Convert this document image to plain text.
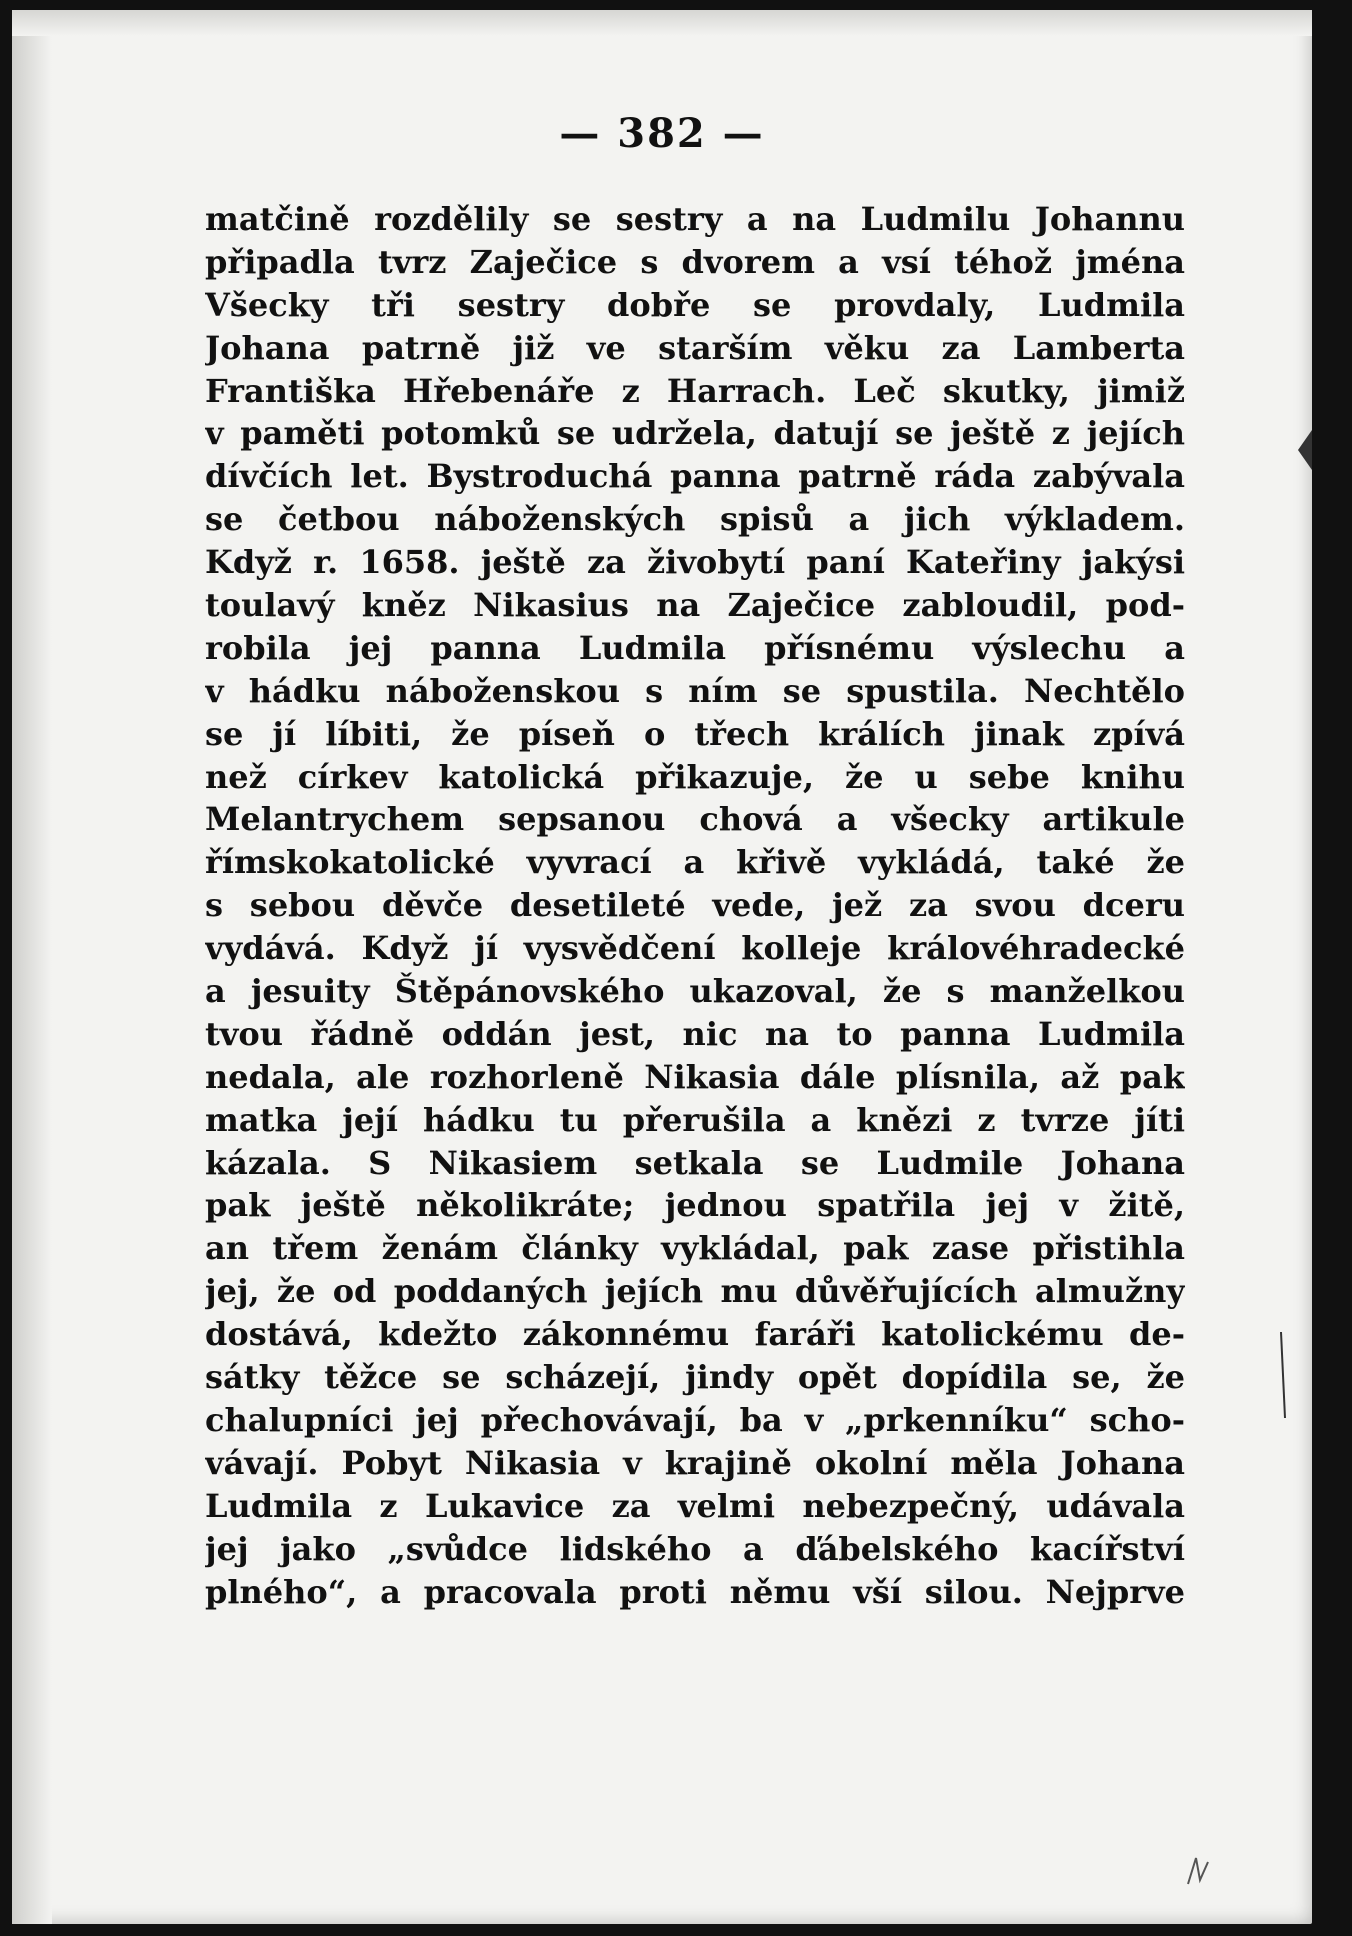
— 382 —
matčině rozdělily se sestry a na Ludmilu Johannu
připadla tvrz Zaječice s dvorem a vsí téhož jména
Všecky tři sestry dobře se provdaly, Ludmila
Johana patrně již ve starším věku za Lamberta
Františka Hřebenáře z Harrach. Leč skutky, jimiž
v paměti potomků se udržela, datují se ještě z jejích
dívčích let. Bystroduchá panna patrně ráda zabývala
se četbou náboženských spisů a jich výkladem.
Když r. 1658. ještě za živobytí paní Kateřiny jakýsi
toulavý kněz Nikasius na Zaječice zabloudil, pod-
robila jej panna Ludmila přísnému výslechu a
v hádku náboženskou s ním se spustila. Nechtělo
se jí líbiti, že píseň o třech králích jinak zpívá
než církev katolická přikazuje, že u sebe knihu
Melantrychem sepsanou chová a všecky artikule
římskokatolické vyvrací a křivě vykládá, také že
s sebou děvče desetileté vede, jež za svou dceru
vydává. Když jí vysvědčení kolleje královéhradecké
a jesuity Štěpánovského ukazoval, že s manželkou
tvou řádně oddán jest, nic na to panna Ludmila
nedala, ale rozhorleně Nikasia dále plísnila, až pak
matka její hádku tu přerušila a knězi z tvrze jíti
kázala. S Nikasiem setkala se Ludmile Johana
pak ještě několikráte; jednou spatřila jej v žitě,
an třem ženám články vykládal, pak zase přistihla
jej, že od poddaných jejích mu důvěřujících almužny
dostává, kdežto zákonnému faráři katolickému de-
sátky těžce se scházejí, jindy opět dopídila se, že
chalupníci jej přechovávají, ba v „prkenníku“ scho-
vávají. Pobyt Nikasia v krajině okolní měla Johana
Ludmila z Lukavice za velmi nebezpečný, udávala
jej jako „svůdce lidského a ďábelského kacířství
plného“, a pracovala proti němu vší silou. Nejprve
